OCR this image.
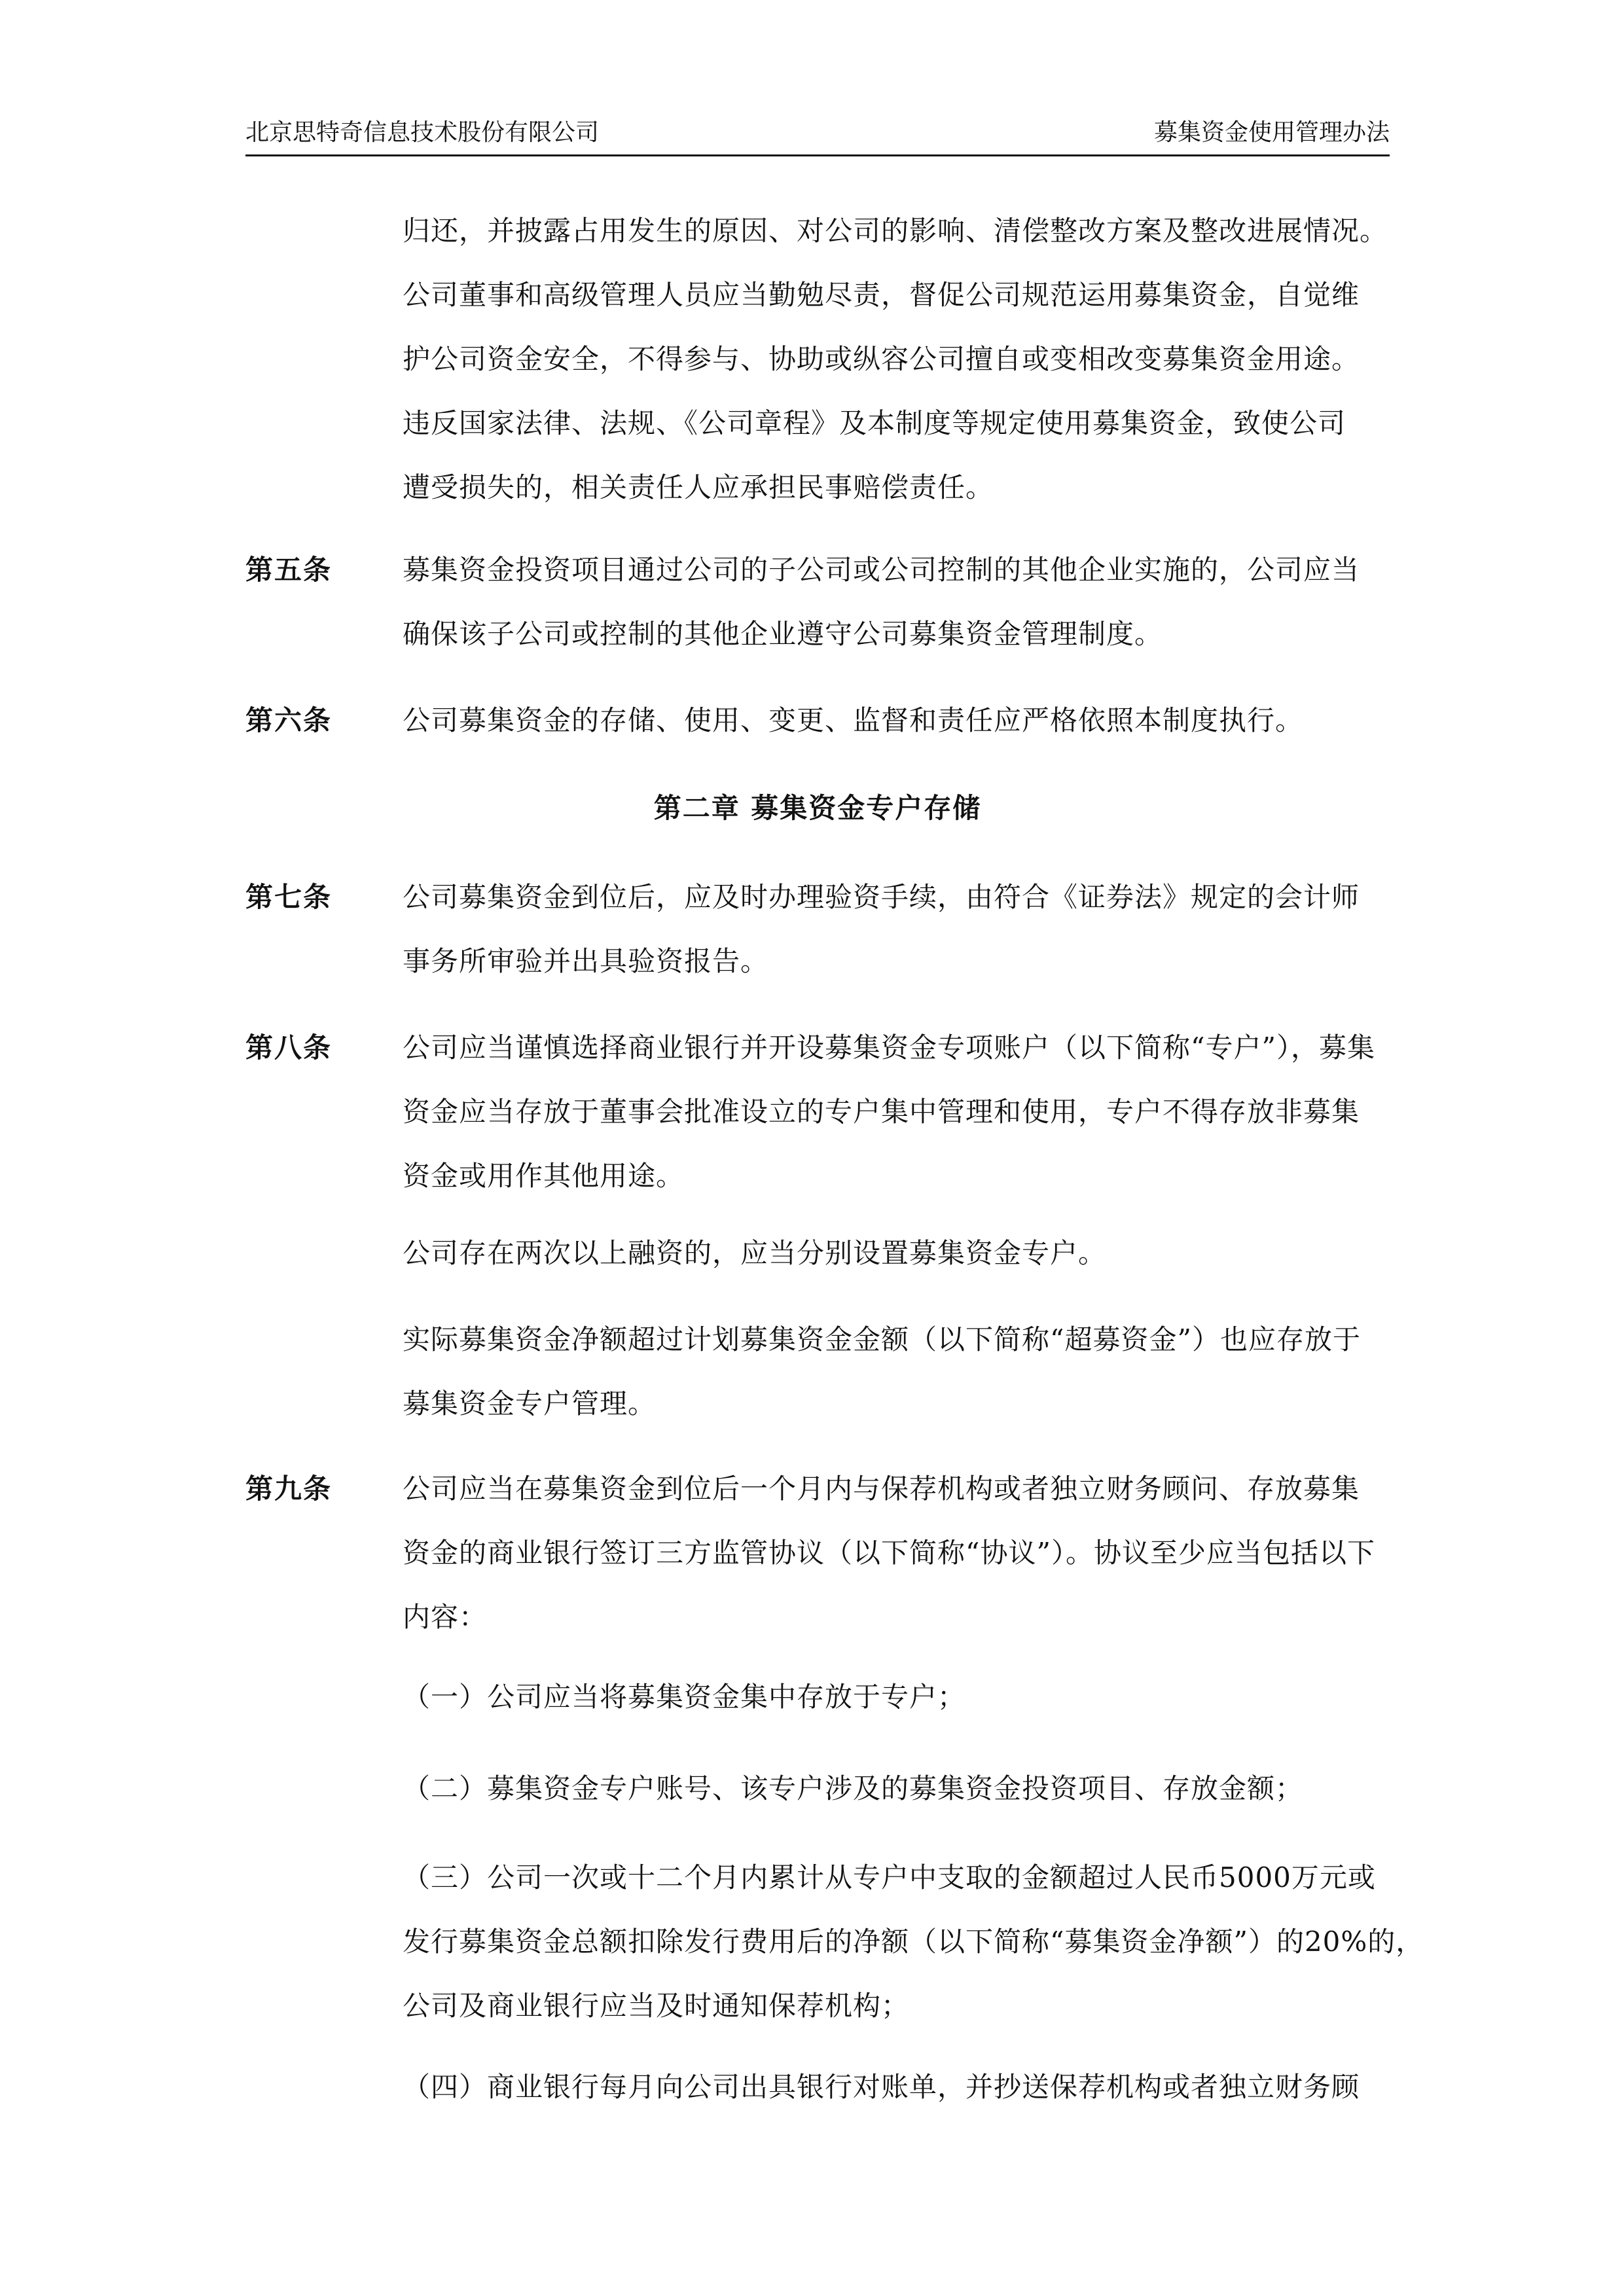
北京思特奇信息技术股份有限公司	募集资金使用管理办法
归还，并披露占用发生的原因、对公司的影响、清偿整改方案及整改进展情况。
公司董事和高级管理人员应当勤勉尽责，督促公司规范运用募集资金，自觉维
护公司资金安全，不得参与、协助或纵容公司擅自或变相改变募集资金用途。
违反国家法律、法规、《公司章程》及本制度等规定使用募集资金，致使公司
遭受损失的，相关责任人应承担民事赔偿责任。
第五条	募集资金投资项目通过公司的子公司或公司控制的其他企业实施的，公司应当
确保该子公司或控制的其他企业遵守公司募集资金管理制度。
第六条	公司募集资金的存储、使用、变更、监督和责任应严格依照本制度执行。
第二章 募集资金专户存储
第七条	公司募集资金到位后，应及时办理验资手续，由符合《证券法》规定的会计师
事务所审验并出具验资报告。
第八条	公司应当谨慎选择商业银行并开设募集资金专项账户（以下简称“专户”），募集
资金应当存放于董事会批准设立的专户集中管理和使用，专户不得存放非募集
资金或用作其他用途。
公司存在两次以上融资的，应当分别设置募集资金专户。
实际募集资金净额超过计划募集资金金额（以下简称“超募资金”）也应存放于
募集资金专户管理。
第九条	公司应当在募集资金到位后一个月内与保荐机构或者独立财务顾问、存放募集
资金的商业银行签订三方监管协议（以下简称“协议”）。协议至少应当包括以下
内容：
（一）公司应当将募集资金集中存放于专户；
（二）募集资金专户账号、该专户涉及的募集资金投资项目、存放金额；
（三）公司一次或十二个月内累计从专户中支取的金额超过人民币5000万元或
发行募集资金总额扣除发行费用后的净额（以下简称“募集资金净额”）的20%的，
公司及商业银行应当及时通知保荐机构；
（四）商业银行每月向公司出具银行对账单，并抄送保荐机构或者独立财务顾
